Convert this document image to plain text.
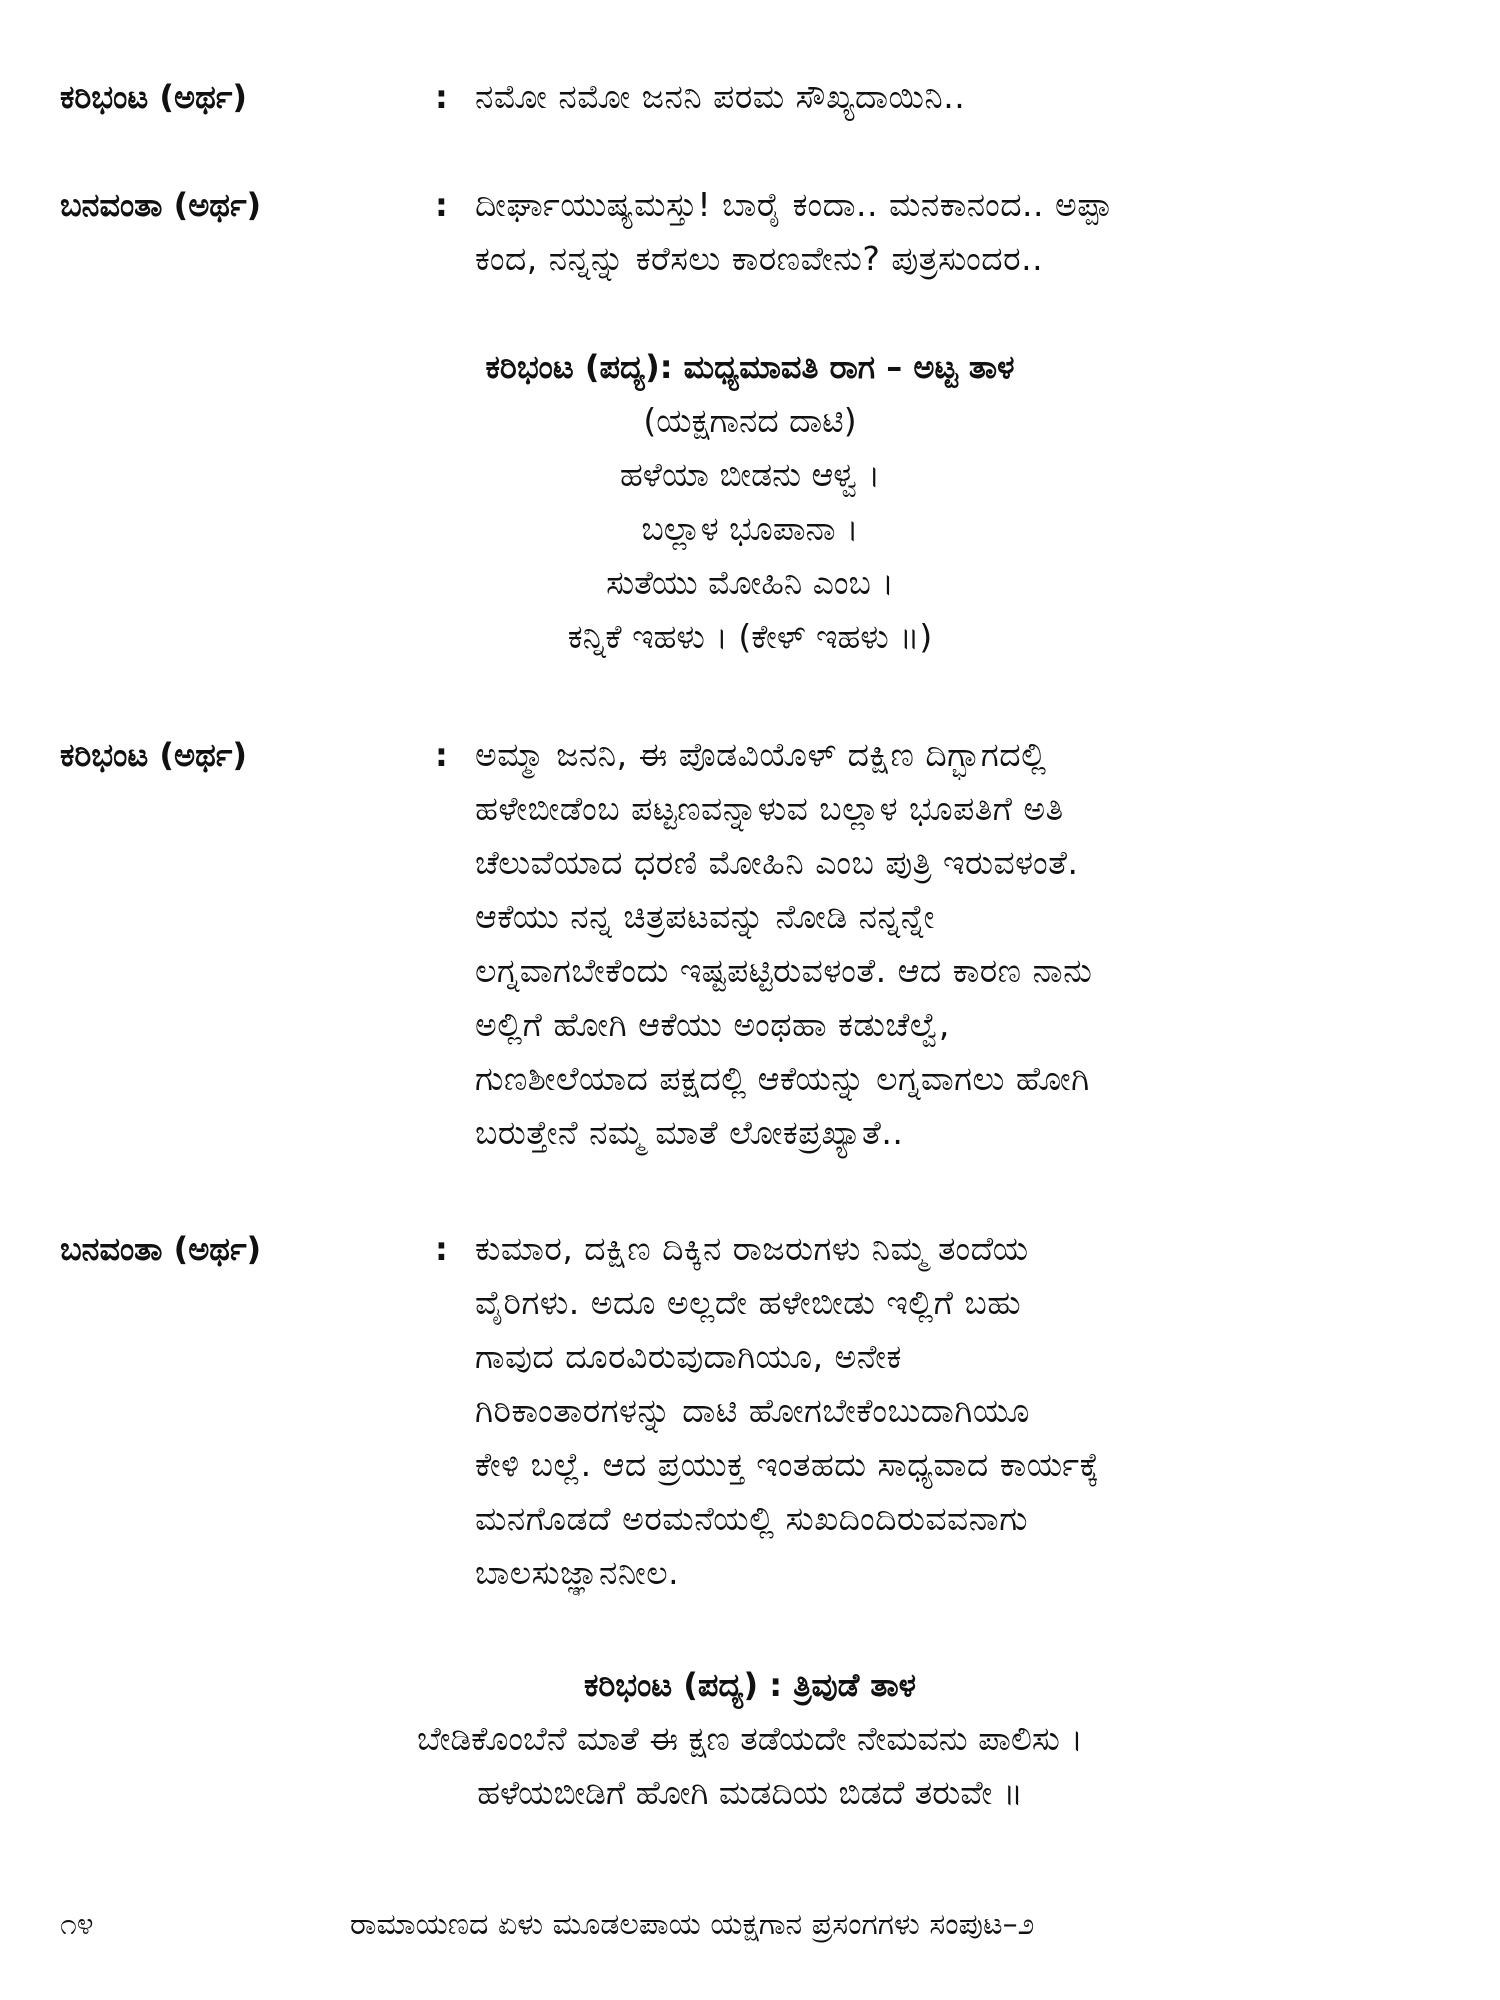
ಕರಿಭಂಟ (ಅರ್ಥ)	: ನಮೋ ನಮೋ ಜನನಿ ಪರಮ ಸೌಖ್ಯದಾಯಿನಿ..
ಬನವಂತಾ (ಅರ್ಥ)	: ದೀರ್ಘಾಯುಷ್ಯಮಸ್ತು! ಬಾರೈ ಕಂದಾ.. ಮನಕಾನಂದ.. ಅಪ್ಪಾ
ಕಂದ, ನನ್ನನ್ನು ಕರೆಸಲು ಕಾರಣವೇನು? ಪುತ್ರಸುಂದರ..
ಕರಿಭಂಟ (ಪದ್ಯ): ಮಧ್ಯಮಾವತಿ ರಾಗ – ಅಟ್ಟ ತಾಳ
(ಯಕ್ಷಗಾನದ ದಾಟಿ)
ಹಳೆಯಾ ಬೀಡನು ಆಳ್ವ ।
ಬಲ್ಲಾಳ ಭೂಪಾನಾ ।
ಸುತೆಯು ಮೋಹಿನಿ ಎಂಬ ।
ಕನ್ನಿಕೆ ಇಹಳು । (ಕೇಳ್ ಇಹಳು ॥)
ಕರಿಭಂಟ (ಅರ್ಥ)	: ಅಮ್ಮಾ ಜನನಿ, ಈ ಪೊಡವಿಯೊಳ್ ದಕ್ಷಿಣ ದಿಗ್ಭಾಗದಲ್ಲಿ
ಹಳೇಬೀಡೆಂಬ ಪಟ್ಟಣವನ್ನಾಳುವ ಬಲ್ಲಾಳ ಭೂಪತಿಗೆ ಅತಿ
ಚೆಲುವೆಯಾದ ಧರಣಿ ಮೋಹಿನಿ ಎಂಬ ಪುತ್ರಿ ಇರುವಳಂತೆ.
ಆಕೆಯು ನನ್ನ ಚಿತ್ರಪಟವನ್ನು ನೋಡಿ ನನ್ನನ್ನೇ
ಲಗ್ನವಾಗಬೇಕೆಂದು ಇಷ್ಟಪಟ್ಟಿರುವಳಂತೆ. ಆದ ಕಾರಣ ನಾನು
ಅಲ್ಲಿಗೆ ಹೋಗಿ ಆಕೆಯು ಅಂಥಹಾ ಕಡುಚೆಲ್ವೆ,
ಗುಣಶೀಲೆಯಾದ ಪಕ್ಷದಲ್ಲಿ ಆಕೆಯನ್ನು ಲಗ್ನವಾಗಲು ಹೋಗಿ
ಬರುತ್ತೇನೆ ನಮ್ಮ ಮಾತೆ ಲೋಕಪ್ರಖ್ಯಾತೆ..
ಬನವಂತಾ (ಅರ್ಥ)	: ಕುಮಾರ, ದಕ್ಷಿಣ ದಿಕ್ಕಿನ ರಾಜರುಗಳು ನಿಮ್ಮ ತಂದೆಯ
ವೈರಿಗಳು. ಅದೂ ಅಲ್ಲದೇ ಹಳೇಬೀಡು ಇಲ್ಲಿಗೆ ಬಹು
ಗಾವುದ ದೂರವಿರುವುದಾಗಿಯೂ, ಅನೇಕ
ಗಿರಿಕಾಂತಾರಗಳನ್ನು ದಾಟಿ ಹೋಗಬೇಕೆಂಬುದಾಗಿಯೂ
ಕೇಳಿ ಬಲ್ಲೆ. ಆದ ಪ್ರಯುಕ್ತ ಇಂತಹದು ಸಾಧ್ಯವಾದ ಕಾರ್ಯಕ್ಕೆ
ಮನಗೊಡದೆ ಅರಮನೆಯಲ್ಲಿ ಸುಖದಿಂದಿರುವವನಾಗು
ಬಾಲಸುಜ್ಞಾನನೀಲ.
ಕರಿಭಂಟ (ಪದ್ಯ) : ತ್ರಿವುಡೆ ತಾಳ
ಬೇಡಿಕೊಂಬೆನೆ ಮಾತೆ ಈ ಕ್ಷಣ ತಡೆಯದೇ ನೇಮವನು ಪಾಲಿಸು ।
ಹಳೆಯಬೀಡಿಗೆ ಹೋಗಿ ಮಡದಿಯ ಬಿಡದೆ ತರುವೇ ॥
೧೪	ರಾಮಾಯಣದ ಏಳು ಮೂಡಲಪಾಯ ಯಕ್ಷಗಾನ ಪ್ರಸಂಗಗಳು ಸಂಪುಟ–೨
